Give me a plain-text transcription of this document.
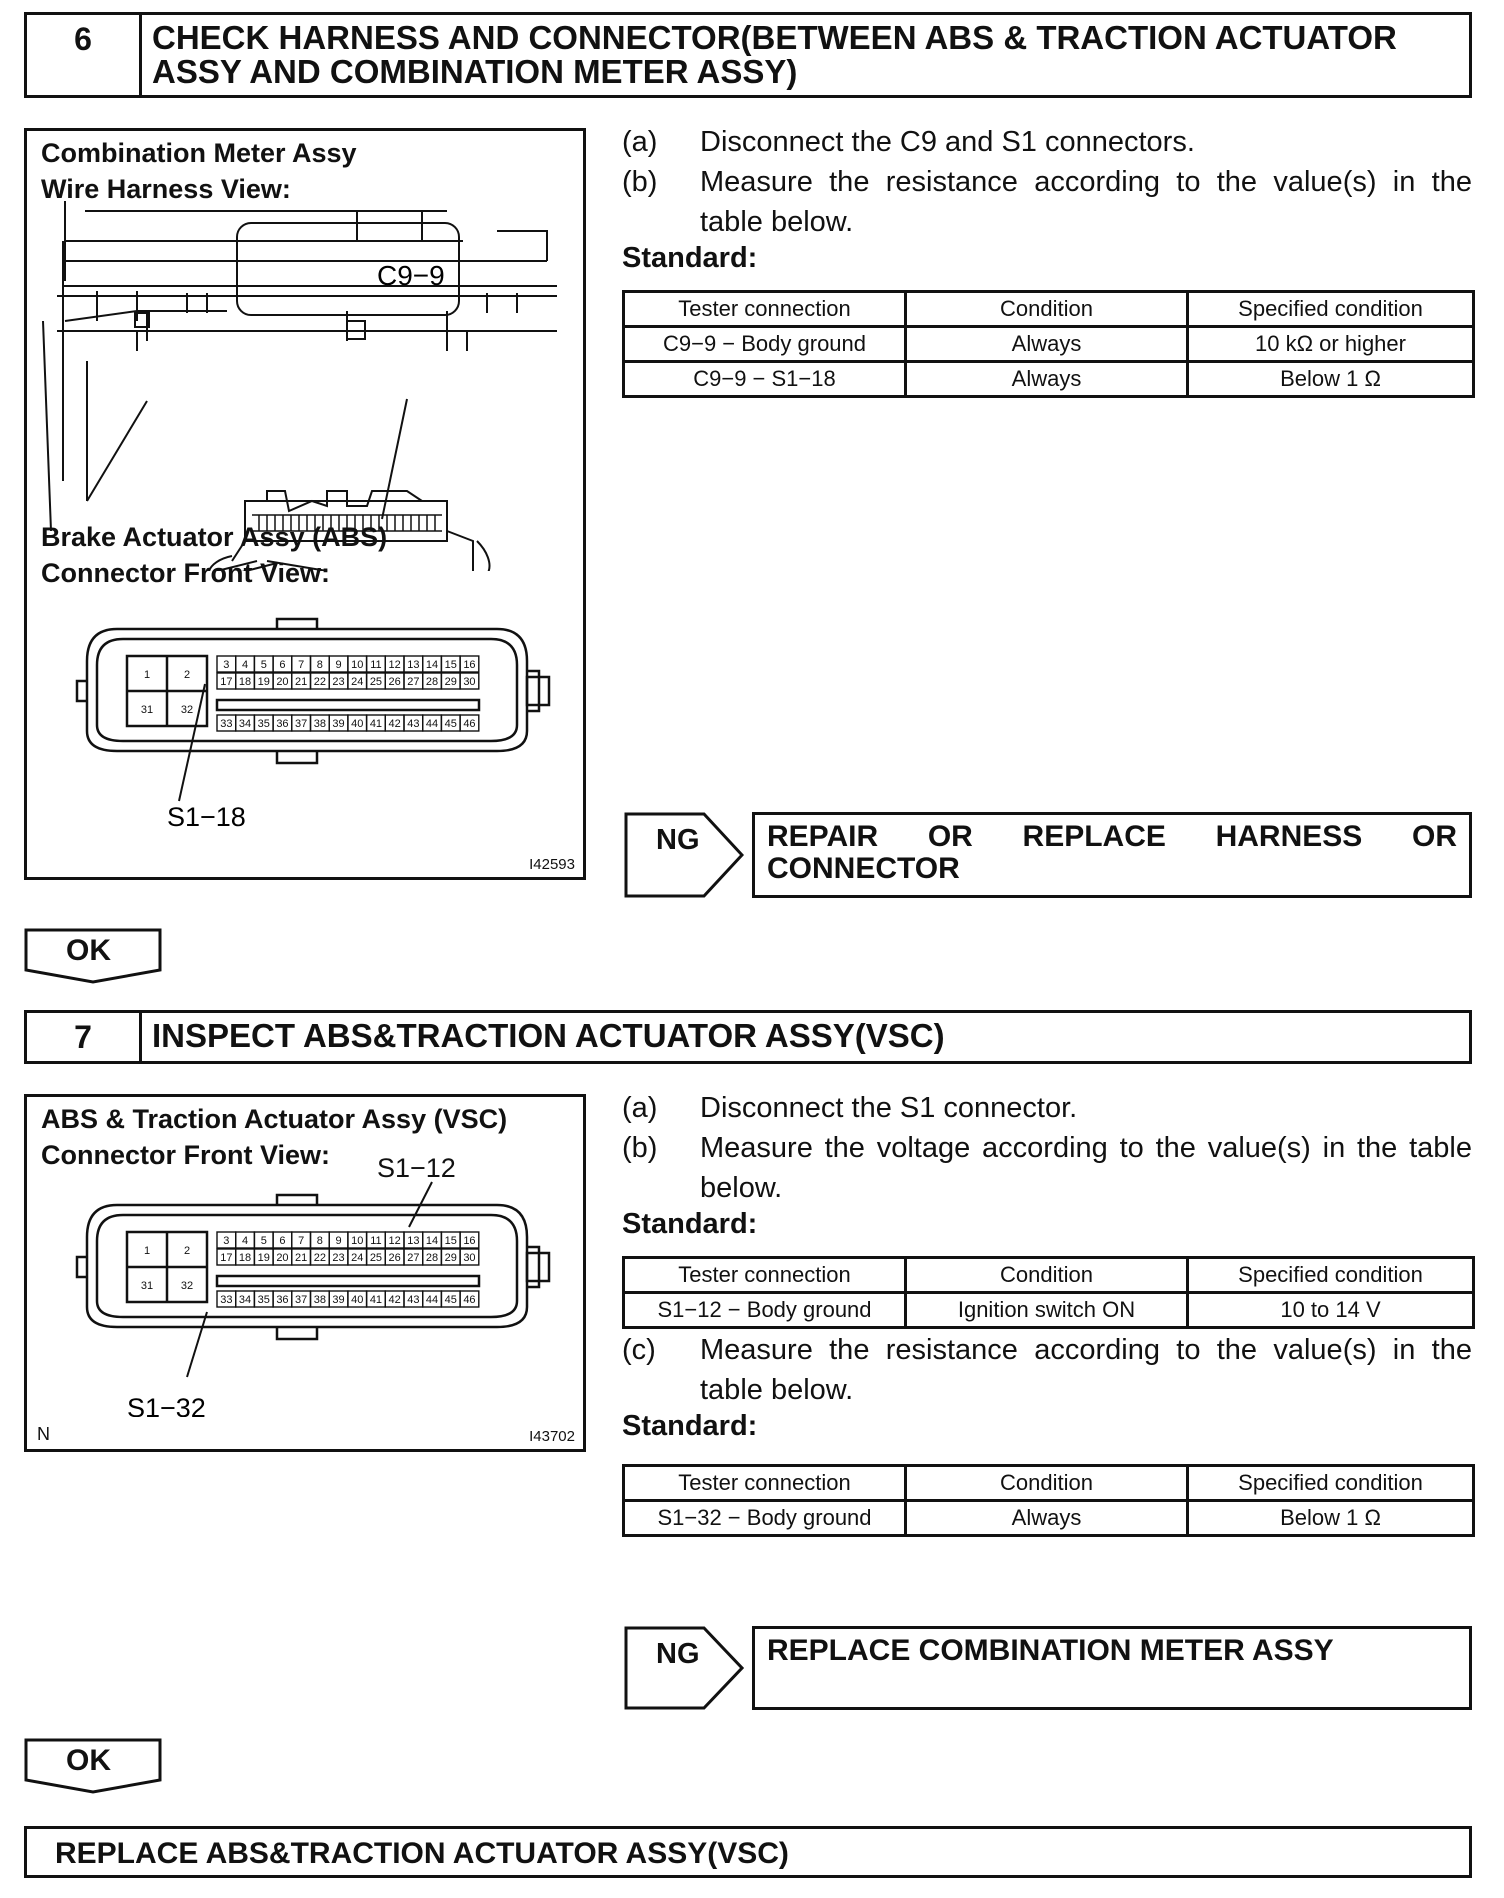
6	CHECK HARNESS AND CONNECTOR(BETWEEN ABS & TRACTION ACTUATOR ASSY AND COMBINATION METER ASSY)
Combination Meter Assy
Wire Harness View:
C9−9
Brake Actuator Assy (ABS)
Connector Front View:
S1−18
1	2
31	32
3 4 5 6 7 8 9 10 11 12 13 14 15 16
17 18 19 20 21 22 23 24 25 26 27 28 29 30
33 34 35 36 37 38 39 40 41 42 43 44 45 46
I42593
(a)	Disconnect the C9 and S1 connectors.
(b)	Measure the resistance according to the value(s) in the table below.
Standard:
Tester connection	Condition	Specified condition
C9−9 − Body ground	Always	10 kΩ or higher
C9−9 − S1−18	Always	Below 1 Ω
NG REPAIR OR REPLACE HARNESS OR CONNECTOR
OK
7	INSPECT ABS&TRACTION ACTUATOR ASSY(VSC)
ABS & Traction Actuator Assy (VSC)
Connector Front View:
S1−32
1	2
31	32
3 4 5 6 7 8 9 10 11 12 13 14 15 16
17 18 19 20 21 22 23 24 25 26 27 28 29 30
33 34 35 36 37 38 39 40 41 42 43 44 45 46
S1−12
N	I43702
(a)	Disconnect the S1 connector.
(b)	Measure the voltage according to the value(s) in the table below.
Standard:
Tester connection	Condition	Specified condition
S1−12 − Body ground	Ignition switch ON	10 to 14 V
(c)	Measure the resistance according to the value(s) in the table below.
Standard:
Tester connection	Condition	Specified condition
S1−32 − Body ground	Always	Below 1 Ω
NG REPLACE COMBINATION METER ASSY
OK
REPLACE ABS&TRACTION ACTUATOR ASSY(VSC)
